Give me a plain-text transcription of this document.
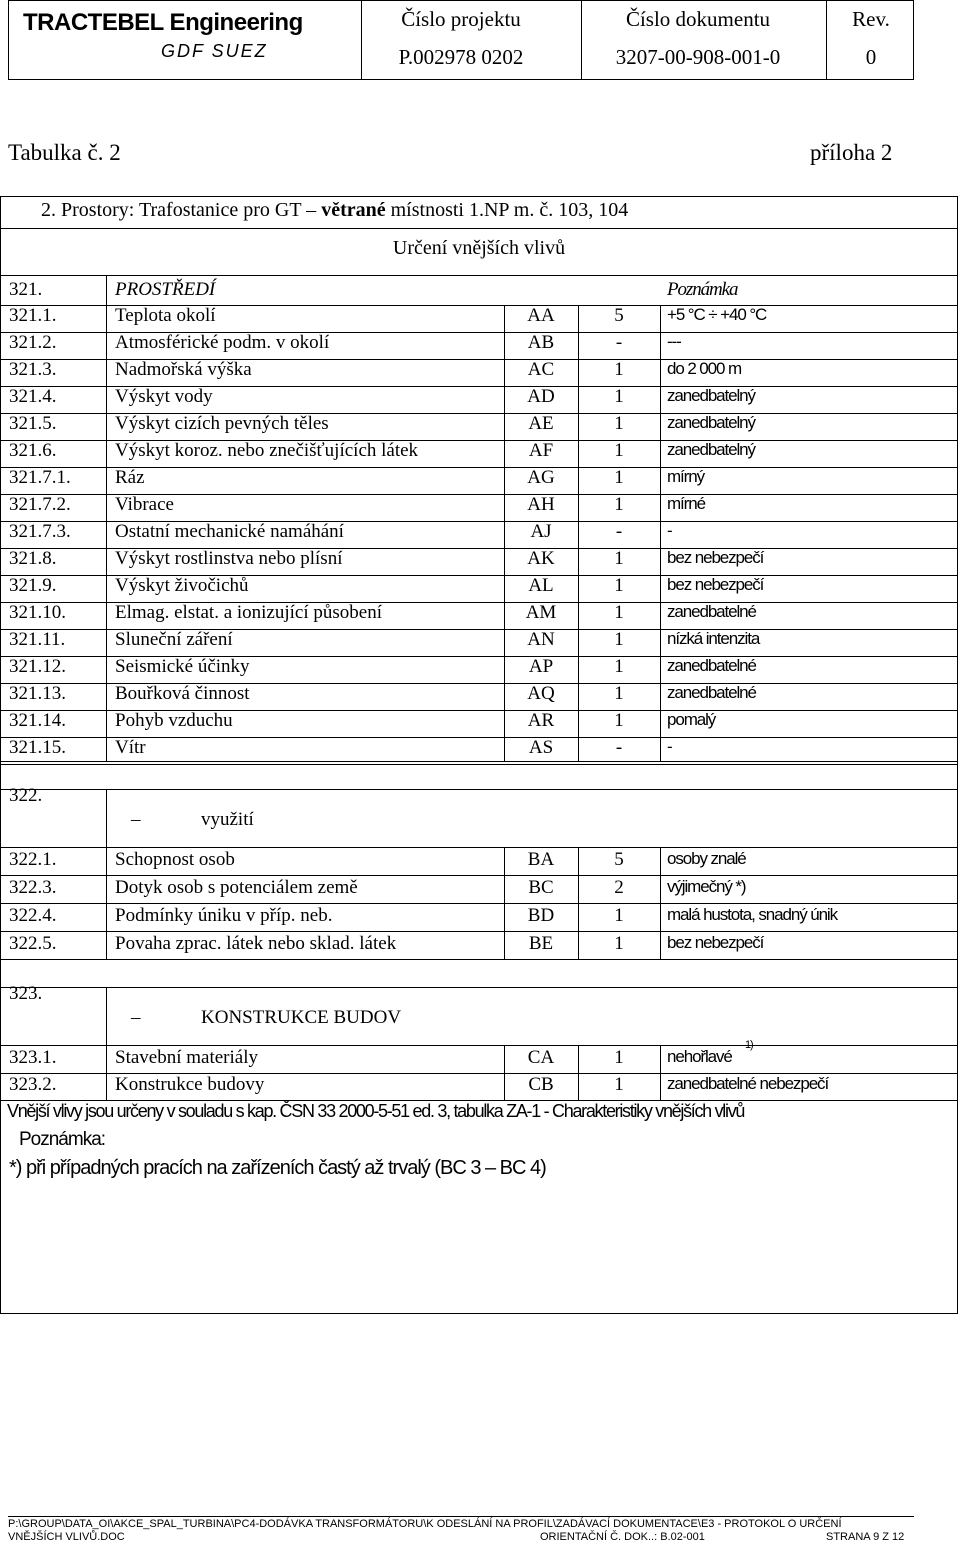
TRACTEBEL Engineering
GDF SUEZ
Číslo projektu
P.002978 0202
Číslo dokumentu
3207-00-908-001-0
Rev.
0
Tabulka č. 2	příloha 2
2. Prostory: Trafostanice pro GT – větrané místnosti 1.NP m. č. 103, 104
Určení vnějších vlivů
321.	PROSTŘEDÍ	Poznámka
321.1.	Teplota okolí	AA	5	+5 °C ÷ +40 °C
321.2.	Atmosférické podm. v okolí	AB	-	---
321.3.	Nadmořská výška	AC	1	do 2 000 m
321.4.	Výskyt vody	AD	1	zanedbatelný
321.5.	Výskyt cizích pevných těles	AE	1	zanedbatelný
321.6.	Výskyt koroz. nebo znečišťujících látek	AF	1	zanedbatelný
321.7.1. Ráz	AG	1	mírný
321.7.2. Vibrace	AH	1	mírné
321.7.3. Ostatní mechanické namáhání	AJ	-	-
321.8.	Výskyt rostlinstva nebo plísní	AK	1	bez nebezpečí
321.9.	Výskyt živočichů	AL	1	bez nebezpečí
321.10.	Elmag. elstat. a ionizující působení	AM	1	zanedbatelné
321.11.	Sluneční záření	AN	1	nízká intenzita
321.12.	Seismické účinky	AP	1	zanedbatelné
321.13.	Bouřková činnost	AQ	1	zanedbatelné
321.14.	Pohyb vzduchu	AR	1	pomalý
321.15.	Vítr	AS	-	-
322.
–	využití
322.1.	Schopnost osob	BA	5	osoby znalé
322.3.	Dotyk osob s potenciálem země	BC	2	výjimečný *)
322.4.	Podmínky úniku v příp. neb.	BD	1	malá hustota, snadný únik
322.5.	Povaha zprac. látek nebo sklad. látek	BE	1	bez nebezpečí
323.
–	KONSTRUKCE BUDOV
323.1.	Stavební materiály	CA	1	nehořlavé
1)
323.2.	Konstrukce budovy	CB	1	zanedbatelné nebezpečí
Vnější vlivy jsou určeny v souladu s kap. ČSN 33 2000-5-51 ed. 3, tabulka ZA-1 - Charakteristiky vnějších vlivů
Poznámka:
*) při případných pracích na zařízeních častý až trvalý (BC 3 – BC 4)
P:\GROUP\DATA_OI\AKCE_SPAL_TURBINA\PC4-DODÁVKA TRANSFORMÁTORU\K ODESLÁNÍ NA PROFIL\ZADÁVACÍ DOKUMENTACE\E3 - PROTOKOL O URČENÍ
VNĚJŠÍCH VLIVŮ.DOC	ORIENTAČNÍ Č. DOK..: B.02-001	STRANA 9 Z 12
